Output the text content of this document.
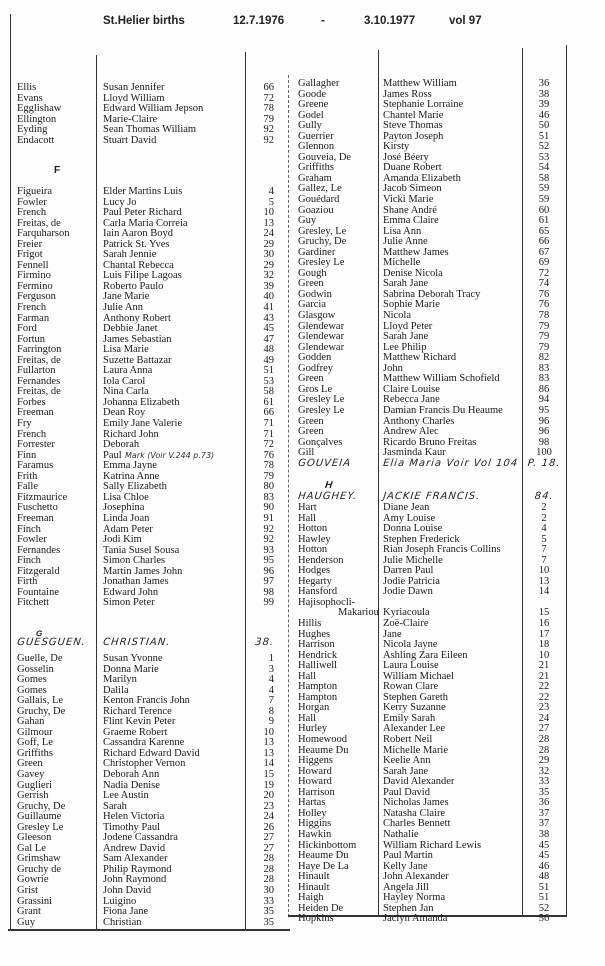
St.Helier births	12.7.1976	-	3.10.1977	vol 97
Ellis	Susan Jennifer	66
Evans	Lloyd William	72
Egglishaw	Edward William Jepson	78
Ellington	Marie-Claire	79
Eyding	Sean Thomas William	92
Endacott	Stuart David	92
F
Figueira	Elder Martins Luis	4
Fowler	Lucy Jo	5
French	Paul Peter Richard	10
Freitas, de	Carla Maria Correia	13
Farquharson	Iain Aaron Boyd	24
Freier	Patrick St. Yves	29
Frigot	Sarah Jennie	30
Fennell	Chantal Rebecca	29
Firmino	Luis Filipe Lagoas	32
Fermino	Roberto Paulo	39
Ferguson	Jane Marie	40
French	Julie Ann	41
Farman	Anthony Robert	43
Ford	Debbie Janet	45
Fortun	James Sebastian	47
Farrington	Lisa Marie	48
Freitas, de	Suzette Battazar	49
Fullarton	Laura Anna	51
Fernandes	Iola Carol	53
Freitas, de	Nina Carla	58
Forbes	Johanna Elizabeth	61
Freeman	Dean Roy	66
Fry	Emily Jane Valerie	71
French	Richard John	71
Forrester	Deborah	72
Finn	Paul	76
Mark (Voir V.244 p.73)
Faramus	Emma Jayne	78
Frith	Katrina Anne	79
Falle	Sally Elizabeth	80
Fitzmaurice	Lisa Chloe	83
Fuschetto	Josephina	90
Freeman	Linda Joan	91
Finch	Adam Peter	92
Fowler	Jodi Kim	92
Fernandes	Tania Susel Sousa	93
Finch	Simon Charles	95
Fitzgerald	Martin James John	96
Firth	Jonathan James	97
Fountaine	Edward John	98
Fitchett	Simon Peter	99
G
GUESGUEN. CHRISTIAN.	38.
Guelle, De	Susan Yvonne	1
Gosselin	Donna Marie	3
Gomes	Marilyn	4
Gomes	Dalila	4
Gallais, Le	Kenton Francis John	7
Gruchy, De	Richard Terence	8
Gahan	Flint Kevin Peter	9
Gilmour	Graeme Robert	10
Goff, Le	Cassandra Karenne	13
Griffiths	Richard Edward David	13
Green	Christopher Vernon	14
Gavey	Deborah Ann	15
Guglieri	Nadia Denise	19
Gerrish	Lee Austin	20
Gruchy, De	Sarah	23
Guillaume	Helen Victoria	24
Gresley Le	Timothy Paul	26
Gleeson	Jodene Cassandra	27
Gal Le	Andrew David	27
Grimshaw	Sam Alexander	28
Gruchy de	Philip Raymond	28
Gowrie	John Raymond	28
Grist	John David	30
Grassini	Luigino	33
Grant	Fiona Jane	35
Guy	Christian	35
Gallagher	Matthew William	36
Goode	James Ross	38
Greene	Stephanie Lorraine	39
Godel	Chantel Marie	46
Gully	Steve Thomas	50
Guerrier	Payton Joseph	51
Glennon	Kirsty	52
Gouveia, De	José Béery	53
Griffiths	Duane Robert	54
Graham	Amanda Elizabeth	58
Gallez, Le	Jacob Simeon	59
Gouédard	Vicki Marie	59
Goaziou	Shane André	60
Guy	Emma Claire	61
Gresley, Le	Lisa Ann	65
Gruchy, De	Julie Anne	66
Gardiner	Matthew James	67
Gresley Le	Michelle	69
Gough	Denise Nicola	72
Green	Sarah Jane	74
Godwin	Sabrina Deborah Tracy	76
Garcia	Sophie Marie	76
Glasgow	Nicola	78
Glendewar	Lloyd Peter	79
Glendewar	Sarah Jane	79
Glendewar	Lee Philip	79
Godden	Matthew Richard	82
Godfrey	John	83
Green	Matthew William Schofield	83
Gros Le	Claire Louise	86
Gresley Le	Rebecca Jane	94
Gresley Le	Damian Francis Du Heaume	95
Green	Anthony Charles	96
Green	Andrew Alec	96
Gonçalves	Ricardo Bruno Freitas	98
Gill	Jasminda Kaur	100
GOUVEIA	Elia Maria Voir Vol 104 P. 18.
H
HAUGHEY. JACKIE FRANCIS.	84.
Hart	Diane Jean	2
Hall	Amy Louise	2
Hotton	Donna Louise	4
Hawley	Stephen Frederick	5
Hotton	Rian Joseph Francis Collins	7
Henderson	Julie Michelle	7
Hodges	Darren Paul	10
Hegarty	Jodie Patricia	13
Hansford	Jodie Dawn	14
Hajisophocli-
Makariou Kyriacoula	15
Hillis	Zoë-Claire	16
Hughes	Jane	17
Harrison	Nicola Jayne	18
Hendrick	Ashling Zara Eileen	10
Halliwell	Laura Louise	21
Hall	William Michael	21
Hampton	Rowan Clare	22
Hampton	Stephen Gareth	22
Horgan	Kerry Suzanne	23
Hall	Emily Sarah	24
Hurley	Alexander Lee	27
Homewood	Robert Neil	28
Heaume Du	Michelle Marie	28
Higgens	Keelie Ann	29
Howard	Sarah Jane	32
Howard	David Alexander	33
Harrison	Paul David	35
Hartas	Nicholas James	36
Holley	Natasha Claire	37
Higgins	Charles Bennett	37
Hawkin	Nathalie	38
Hickinbottom	William Richard Lewis	45
Heaume Du	Paul Martin	45
Haye De La	Kelly Jane	46
Hinault	John Alexander	48
Hinault	Angela Jill	51
Haigh	Hayley Norma	51
Heiden De	Stephen Jan	52
Hopkins	Jaclyn Amanda	56
